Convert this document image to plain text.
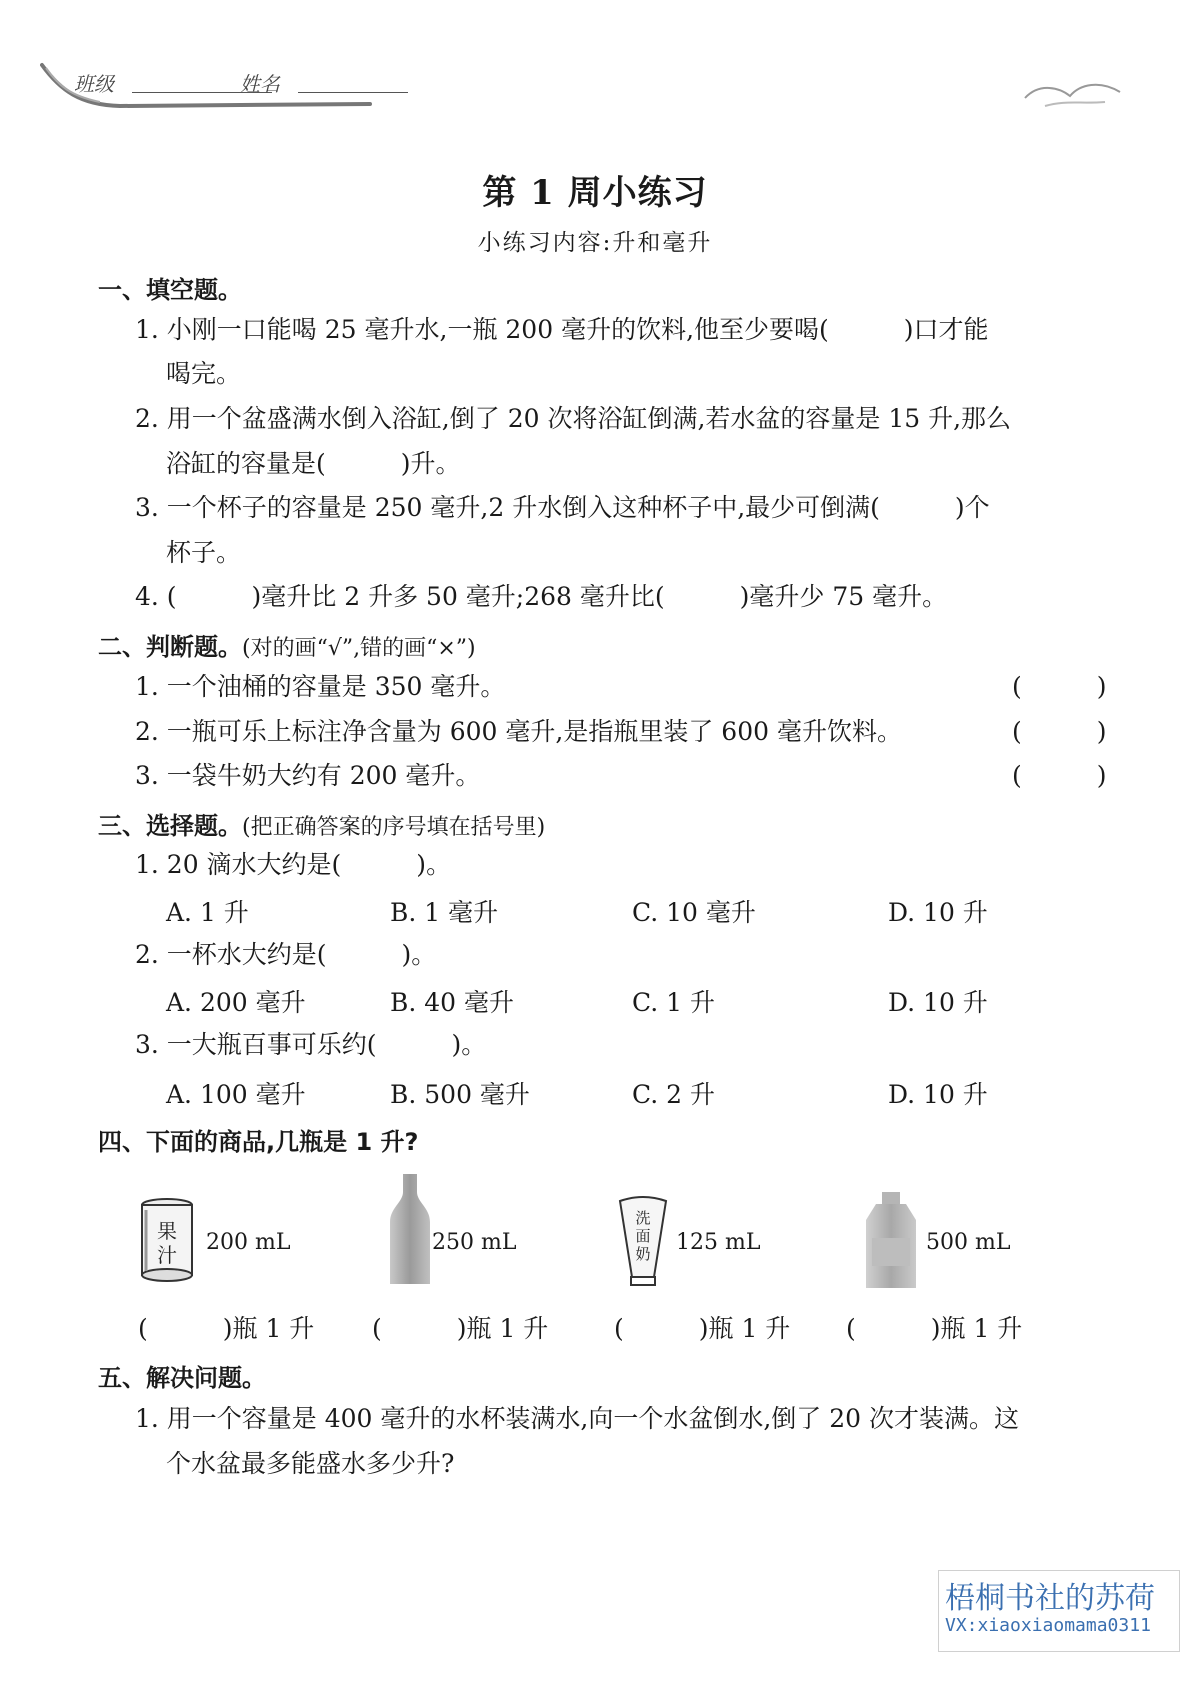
班级	姓名
第 1 周小练习
小练习内容:升和毫升
一、填空题。
1. 小刚一口能喝 25 毫升水,一瓶 200 毫升的饮料,他至少要喝(　　　)口才能
喝完。
2. 用一个盆盛满水倒入浴缸,倒了 20 次将浴缸倒满,若水盆的容量是 15 升,那么
浴缸的容量是(　　　)升。
3. 一个杯子的容量是 250 毫升,2 升水倒入这种杯子中,最少可倒满(　　　)个
杯子。
4. (　　　)毫升比 2 升多 50 毫升;268 毫升比(　　　)毫升少 75 毫升。
二、判断题。(对的画“√”,错的画“×”)
1. 一个油桶的容量是 350 毫升。	(　　　)
2. 一瓶可乐上标注净含量为 600 毫升,是指瓶里装了 600 毫升饮料。	(　　　)
3. 一袋牛奶大约有 200 毫升。	(　　　)
三、选择题。(把正确答案的序号填在括号里)
1. 20 滴水大约是(　　　)。
A. 1 升	B. 1 毫升	C. 10 毫升	D. 10 升
2. 一杯水大约是(　　　)。
A. 200 毫升	B. 40 毫升	C. 1 升	D. 10 升
3. 一大瓶百事可乐约(　　　)。
A. 100 毫升	B. 500 毫升	C. 2 升	D. 10 升
四、下面的商品,几瓶是 1 升?
果
汁 200 mL	250 mL
洗
面
奶 125 mL	500 mL
(　　　)瓶 1 升 (　　　)瓶 1 升	(　　　)瓶 1 升 (　　　)瓶 1 升
五、解决问题。
1. 用一个容量是 400 毫升的水杯装满水,向一个水盆倒水,倒了 20 次才装满。这
个水盆最多能盛水多少升?
梧桐书社的苏荷
VX:xiaoxiaomama0311
